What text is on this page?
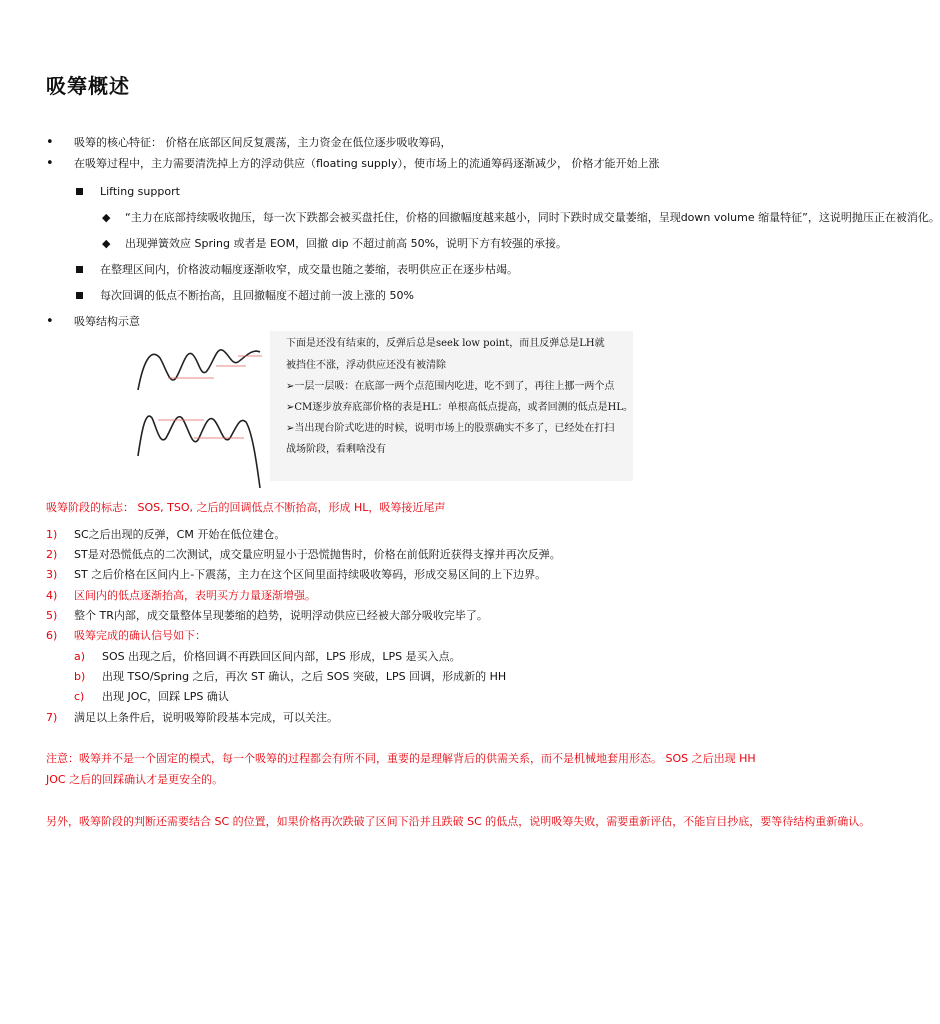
吸筹概述
• 吸筹的核心特征： 价格在底部区间反复震荡，主力资金在低位逐步吸收筹码，
• 在吸筹过程中，主力需要清洗掉上方的浮动供应（floating supply），使市场上的流通筹码逐渐减少， 价格才能开始上涨
Lifting support
◆ “主力在底部持续吸收抛压，每一次下跌都会被买盘托住，价格的回撤幅度越来越小，同时下跌时成交量萎缩，呈现down volume 缩量特征”，这说明抛压正在被消化。
◆ 出现弹簧效应 Spring 或者是 EOM，回撤 dip 不超过前高 50%，说明下方有较强的承接。
在整理区间内，价格波动幅度逐渐收窄，成交量也随之萎缩，表明供应正在逐步枯竭。
每次回调的低点不断抬高，且回撤幅度不超过前一波上涨的 50%
• 吸筹结构示意
下面是还没有结束的，反弹后总是seek low point，而且反弹总是LH就
被挡住不涨，浮动供应还没有被清除
➢一层一层吸：在底部一两个点范围内吃进，吃不到了，再往上挪一两个点
➢CM逐步放弃底部价格的表是HL：单根高低点提高，或者回测的低点是HL。
➢当出现台阶式吃进的时候，说明市场上的股票确实不多了，已经处在打扫
战场阶段，看剩啥没有
吸筹阶段的标志： SOS, TSO, 之后的回调低点不断抬高，形成 HL，吸筹接近尾声
1) SC之后出现的反弹，CM 开始在低位建仓。
2) ST是对恐慌低点的二次测试，成交量应明显小于恐慌抛售时，价格在前低附近获得支撑并再次反弹。
3) ST 之后价格在区间内上-下震荡，主力在这个区间里面持续吸收筹码，形成交易区间的上下边界。
4) 区间内的低点逐渐抬高，表明买方力量逐渐增强。
5) 整个 TR内部，成交量整体呈现萎缩的趋势，说明浮动供应已经被大部分吸收完毕了。
6) 吸筹完成的确认信号如下：
a) SOS 出现之后，价格回调不再跌回区间内部，LPS 形成，LPS 是买入点。
b) 出现 TSO/Spring 之后，再次 ST 确认，之后 SOS 突破，LPS 回调，形成新的 HH
c) 出现 JOC，回踩 LPS 确认
7) 满足以上条件后，说明吸筹阶段基本完成，可以关注。
注意：吸筹并不是一个固定的模式，每一个吸筹的过程都会有所不同，重要的是理解背后的供需关系，而不是机械地套用形态。 SOS 之后出现 HH
JOC 之后的回踩确认才是更安全的。
另外，吸筹阶段的判断还需要结合 SC 的位置，如果价格再次跌破了区间下沿并且跌破 SC 的低点，说明吸筹失败，需要重新评估，不能盲目抄底，要等待结构重新确认。
